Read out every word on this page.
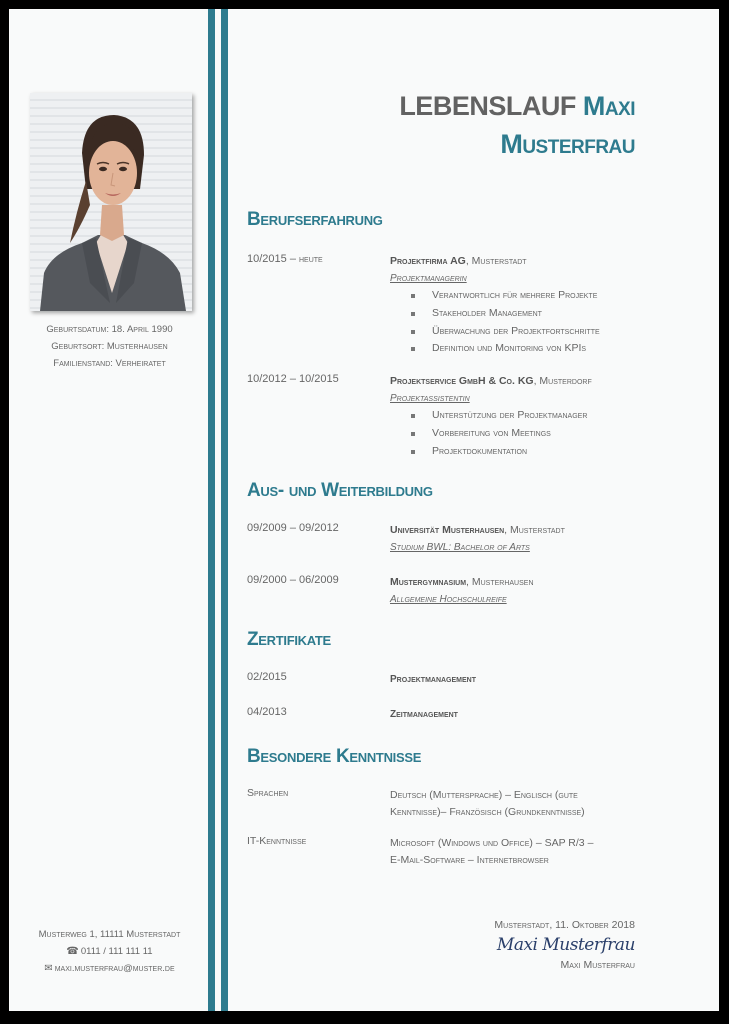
Geburtsdatum: 18. April 1990
Geburtsort: Musterhausen
Familienstand: Verheiratet
Musterweg 1, 11111 Musterstadt
☎ 0111 / 111 111 11
✉ maxi.musterfrau@muster.de
LEBENSLAUF Maxi
Musterfrau
Berufserfahrung
10/2015 – heute	Projektfirma AG, Musterstadt
Projektmanagerin
Verantwortlich für mehrere Projekte
Stakeholder Management
Überwachung der Projektfortschritte
Definition und Monitoring von KPIs
10/2012 – 10/2015	Projektservice GmbH & Co. KG, Musterdorf
Projektassistentin
Unterstützung der Projektmanager
Vorbereitung von Meetings
Projektdokumentation
Aus- und Weiterbildung
09/2009 – 09/2012	Universität Musterhausen, Musterstadt
Studium BWL: Bachelor of Arts
09/2000 – 06/2009	Mustergymnasium, Musterhausen
Allgemeine Hochschulreife
Zertifikate
02/2015	Projektmanagement
04/2013	Zeitmanagement
Besondere Kenntnisse
Sprachen	Deutsch (Muttersprache) – Englisch (gute
Kenntnisse)– Französisch (Grundkenntnisse)
IT-Kenntnisse	Microsoft (Windows und Office) – SAP R/3 –
E-Mail-Software – Internetbrowser
Musterstadt, 11. Oktober 2018
Maxi Musterfrau
Maxi Musterfrau
